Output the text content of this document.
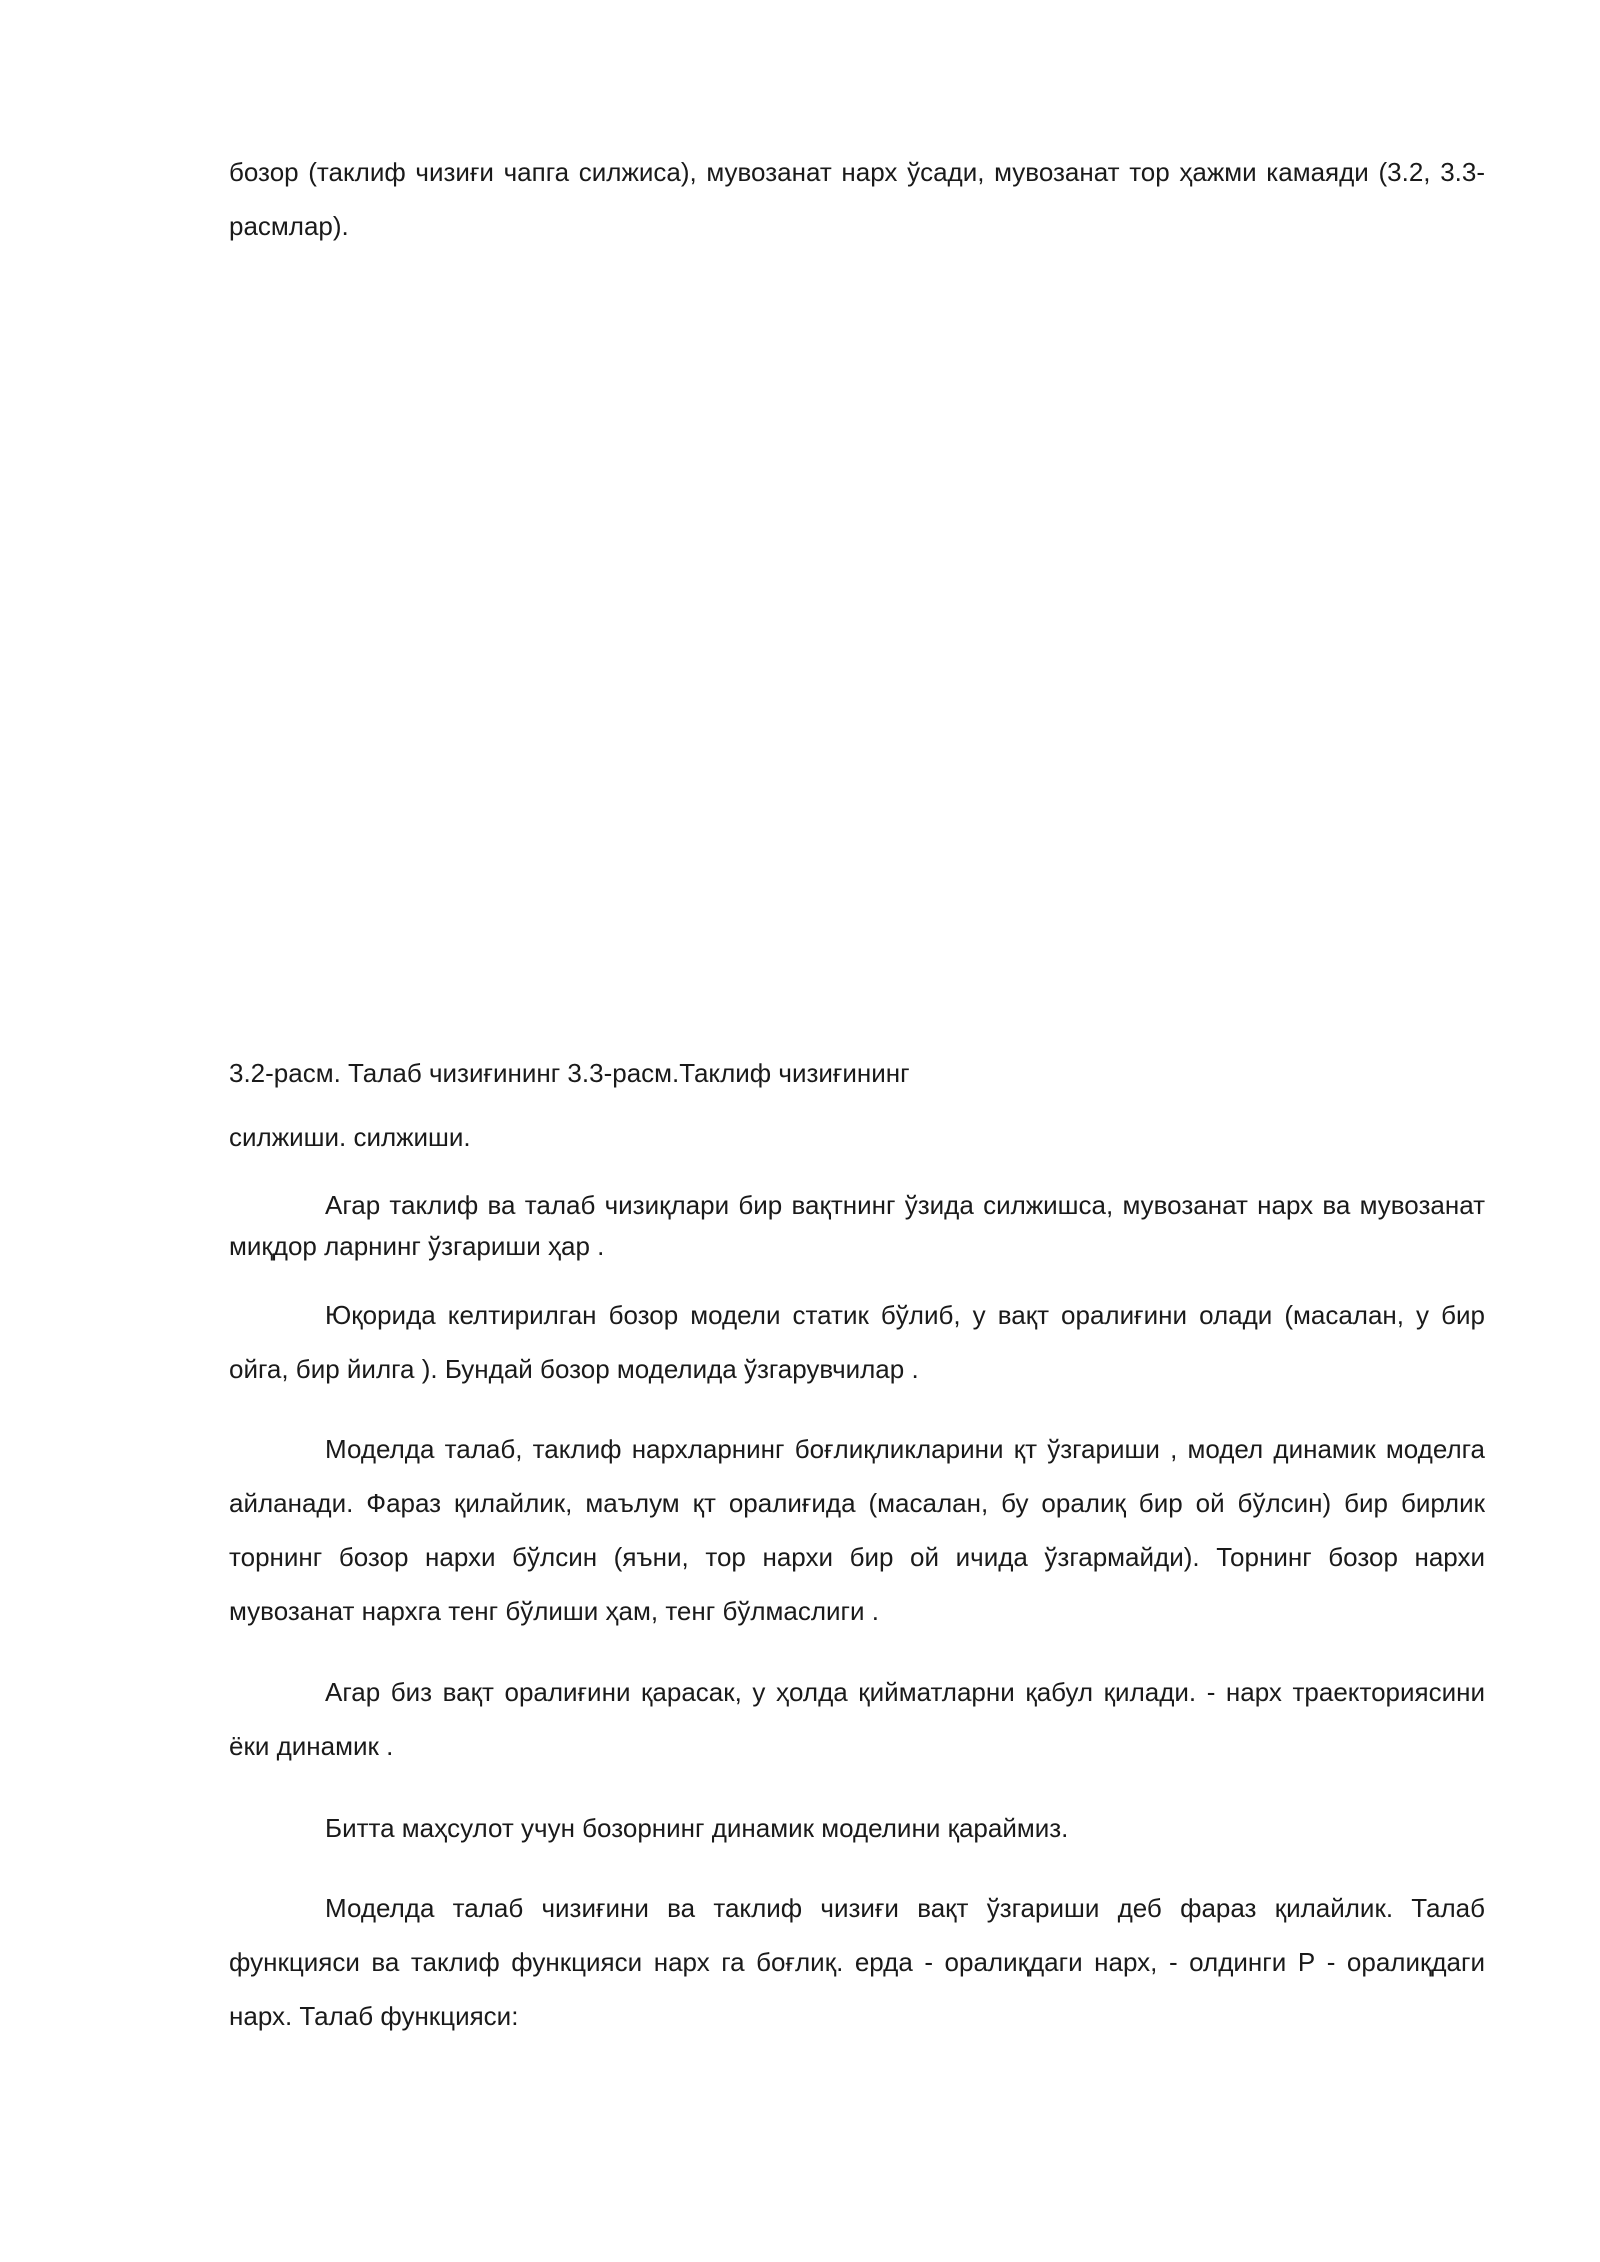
бозор (таклиф чизиғи чапга силжиса), мувозанат нарх ўсади, мувозанат тор ҳажми камаяди (3.2, 3.3-расмлар).

3.2-расм. Талаб чизиғининг 3.3-расм.Таклиф чизиғининг

силжиши. силжиши.

Агар таклиф ва талаб чизиқлари бир вақтнинг ўзида силжишса, мувозанат нарх ва мувозанат миқдор ларнинг ўзгариши ҳар .

Юқорида келтирилган бозор модели статик бўлиб, у вақт оралиғини олади (масалан, у бир ойга, бир йилга ). Бундай бозор моделида ўзгарувчилар .

Моделда талаб, таклиф нархларнинг боғлиқликларини қт ўзгариши , модел динамик моделга айланади. Фараз қилайлик, маълум қт оралиғида (масалан, бу оралиқ бир ой бўлсин) бир бирлик торнинг бозор нархи бўлсин (яъни, тор нархи бир ой ичида ўзгармайди). Торнинг бозор нархи мувозанат нархга тенг бўлиши ҳам, тенг бўлмаслиги .

Агар биз вақт оралиғини қарасак, у ҳолда қийматларни қабул қилади. - нарх траекториясини ёки динамик .

Битта маҳсулот учун бозорнинг динамик моделини қараймиз.

Моделда талаб чизиғини ва таклиф чизиғи вақт ўзгариши деб фараз қилайлик. Талаб функцияси ва таклиф функцияси нарх га боғлиқ. ерда - оралиқдаги нарх, - олдинги Р - оралиқдаги нарх. Талаб функцияси:
